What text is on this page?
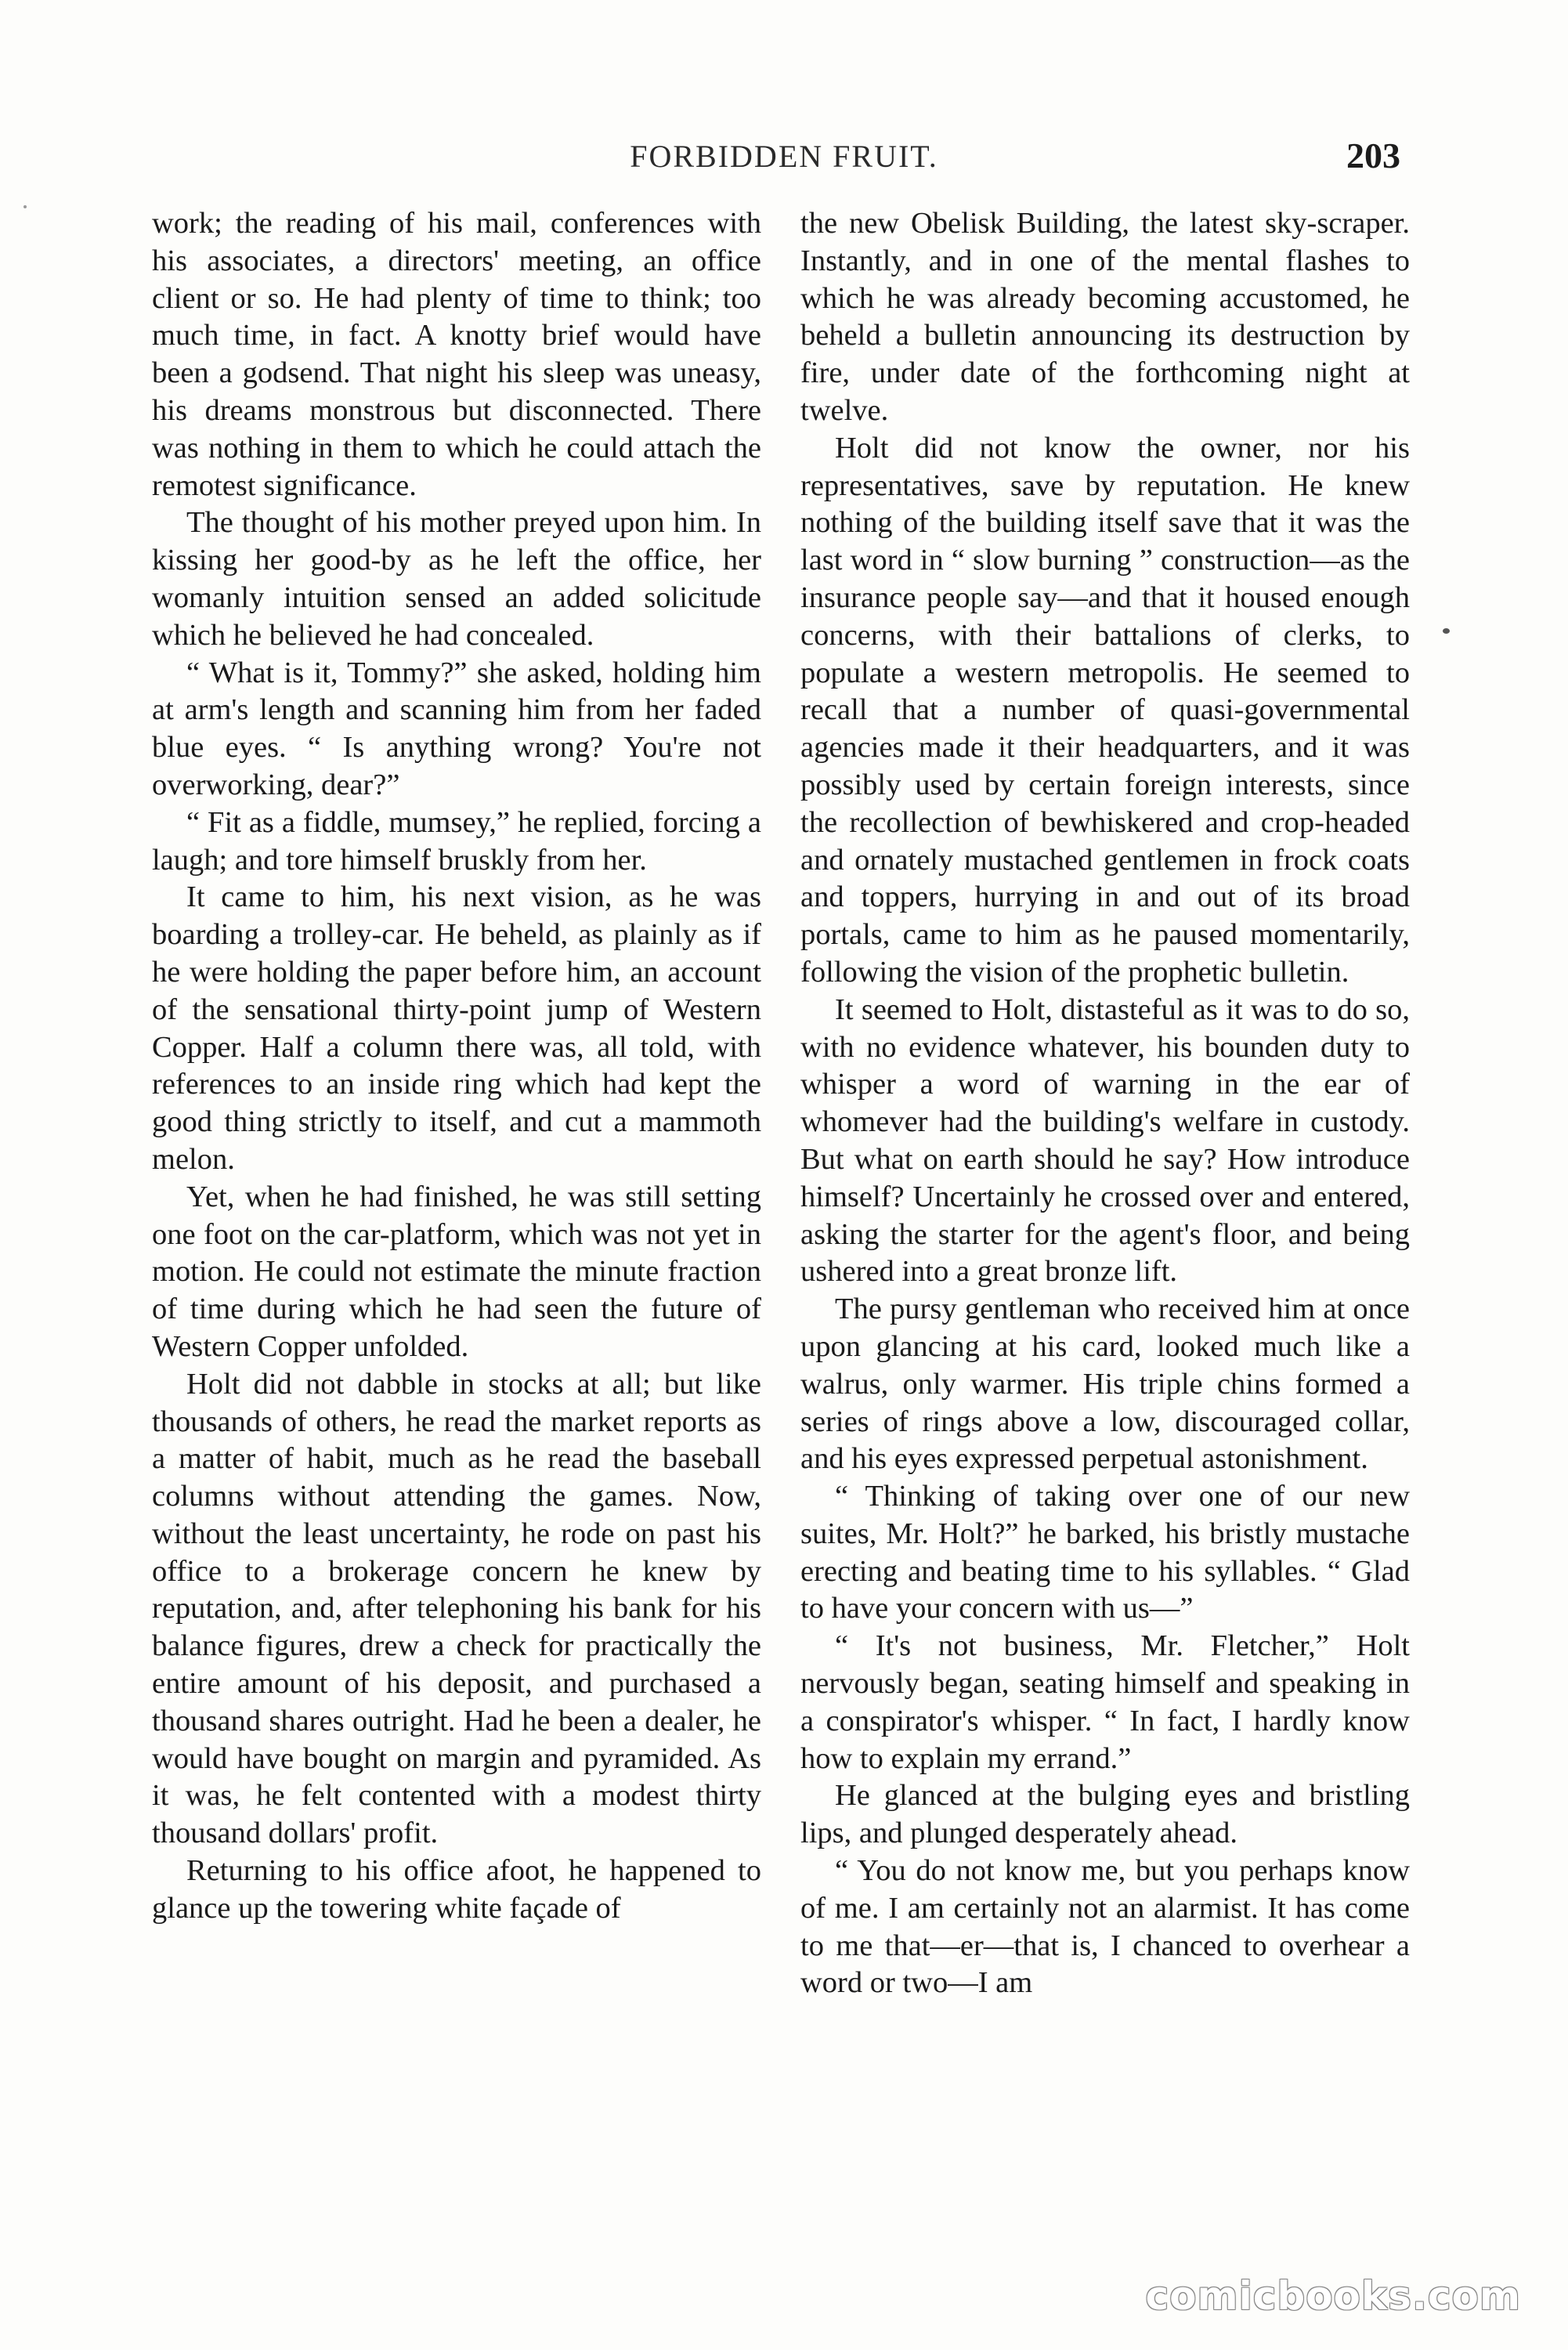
FORBIDDEN FRUIT.	203

work; the reading of his mail, conferences with his associates, a directors' meeting, an office client or so. He had plenty of time to think; too much time, in fact. A knotty brief would have been a godsend. That night his sleep was uneasy, his dreams monstrous but disconnected. There was nothing in them to which he could attach the remotest significance.

The thought of his mother preyed upon him. In kissing her good-by as he left the office, her womanly intuition sensed an added solicitude which he believed he had concealed.

“ What is it, Tommy?” she asked, holding him at arm's length and scanning him from her faded blue eyes. “ Is anything wrong? You're not overworking, dear?”

“ Fit as a fiddle, mumsey,” he replied, forcing a laugh; and tore himself bruskly from her.

It came to him, his next vision, as he was boarding a trolley-car. He beheld, as plainly as if he were holding the paper before him, an account of the sensational thirty-point jump of Western Copper. Half a column there was, all told, with references to an inside ring which had kept the good thing strictly to itself, and cut a mammoth melon.

Yet, when he had finished, he was still setting one foot on the car-platform, which was not yet in motion. He could not estimate the minute fraction of time during which he had seen the future of Western Copper unfolded.

Holt did not dabble in stocks at all; but like thousands of others, he read the market reports as a matter of habit, much as he read the baseball columns without attending the games. Now, without the least uncertainty, he rode on past his office to a brokerage concern he knew by reputation, and, after telephoning his bank for his balance figures, drew a check for practically the entire amount of his deposit, and purchased a thousand shares outright. Had he been a dealer, he would have bought on margin and pyramided. As it was, he felt contented with a modest thirty thousand dollars' profit.

Returning to his office afoot, he happened to glance up the towering white façade of

the new Obelisk Building, the latest sky-scraper. Instantly, and in one of the mental flashes to which he was already becoming accustomed, he beheld a bulletin announcing its destruction by fire, under date of the forthcoming night at twelve.

Holt did not know the owner, nor his representatives, save by reputation. He knew nothing of the building itself save that it was the last word in “ slow burning ” construction—as the insurance people say—and that it housed enough concerns, with their battalions of clerks, to populate a western metropolis. He seemed to recall that a number of quasi-governmental agencies made it their headquarters, and it was possibly used by certain foreign interests, since the recollection of bewhiskered and crop-headed and ornately mustached gentlemen in frock coats and toppers, hurrying in and out of its broad portals, came to him as he paused momentarily, following the vision of the prophetic bulletin.

It seemed to Holt, distasteful as it was to do so, with no evidence whatever, his bounden duty to whisper a word of warning in the ear of whomever had the building's welfare in custody. But what on earth should he say? How introduce himself? Uncertainly he crossed over and entered, asking the starter for the agent's floor, and being ushered into a great bronze lift.

The pursy gentleman who received him at once upon glancing at his card, looked much like a walrus, only warmer. His triple chins formed a series of rings above a low, discouraged collar, and his eyes expressed perpetual astonishment.

“ Thinking of taking over one of our new suites, Mr. Holt?” he barked, his bristly mustache erecting and beating time to his syllables. “ Glad to have your concern with us—”

“ It's not business, Mr. Fletcher,” Holt nervously began, seating himself and speaking in a conspirator's whisper. “ In fact, I hardly know how to explain my errand.”

He glanced at the bulging eyes and bristling lips, and plunged desperately ahead.

“ You do not know me, but you perhaps know of me. I am certainly not an alarmist. It has come to me that—er—that is, I chanced to overhear a word or two—I am

comicbooks.com
